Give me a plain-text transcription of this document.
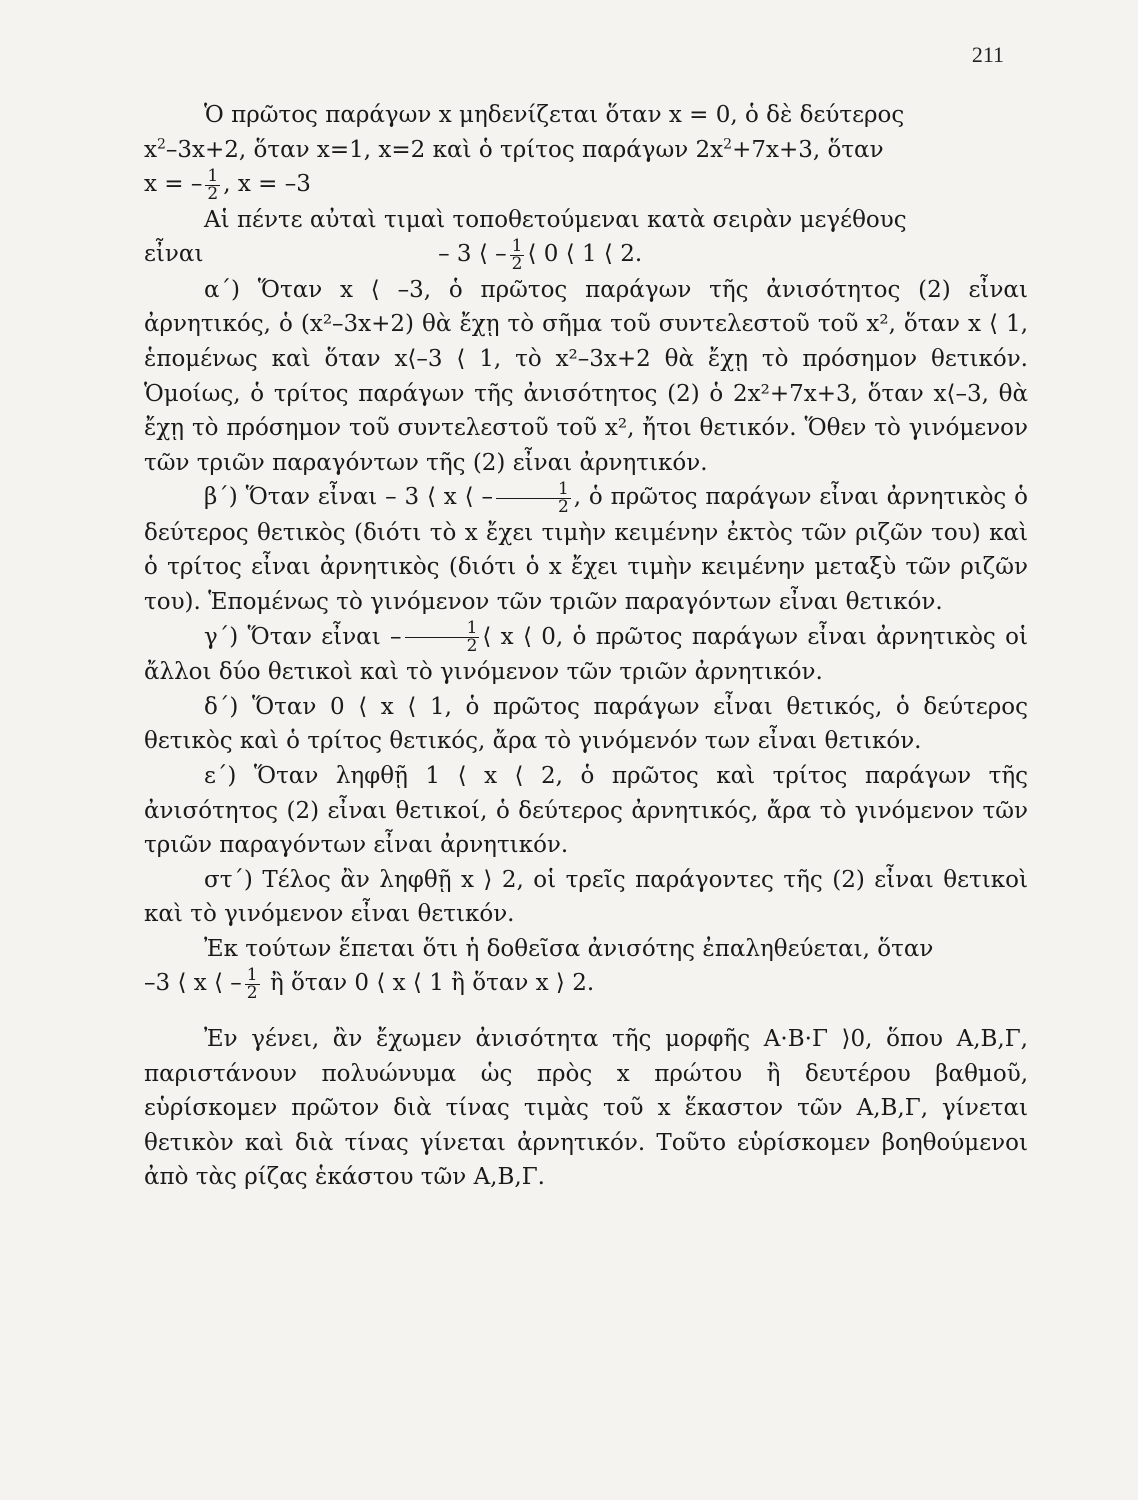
211

Ὁ πρῶτος παράγων x μηδενίζεται ὅταν x = 0, ὁ δὲ δεύτερος

$x^2-3x+2$, ὅταν x=1, x=2 καὶ ὁ τρίτος παράγων $2x^2+7x+3$, ὅταν

x = – $\frac{1}{2}$ , x = –3

Αἱ πέντε αὐταὶ τιμαὶ τοποθετούμεναι κατὰ σειρὰν μεγέθους

εἶναι	– 3 ⟨ – $\frac{1}{2}$ ⟨ 0 ⟨ 1 ⟨ 2.

α΄) Ὅταν x ⟨ –3, ὁ πρῶτος παράγων τῆς ἀνισότητος (2) εἶναι ἀρνητικός, ὁ (x²–3x+2) θὰ ἔχῃ τὸ σῆμα τοῦ συντελεστοῦ τοῦ x², ὅταν x ⟨ 1, ἑπομένως καὶ ὅταν x⟨–3 ⟨ 1, τὸ x²–3x+2 θὰ ἔχῃ τὸ πρόσημον θετικόν. Ὁμοίως, ὁ τρίτος παράγων τῆς ἀνισότητος (2) ὁ 2x²+7x+3, ὅταν x⟨–3, θὰ ἔχῃ τὸ πρόσημον τοῦ συντελεστοῦ τοῦ x², ἤτοι θετικόν. Ὅθεν τὸ γινόμενον τῶν τριῶν παραγόντων τῆς (2) εἶναι ἀρνητικόν.

β΄) Ὅταν εἶναι – 3 ⟨ x ⟨ – $\frac{1}{2}$ , ὁ πρῶτος παράγων εἶναι ἀρνητικὸς ὁ δεύτερος θετικὸς (διότι τὸ x ἔχει τιμὴν κειμένην ἐκτὸς τῶν ριζῶν του) καὶ ὁ τρίτος εἶναι ἀρνητικὸς (διότι ὁ x ἔχει τιμὴν κειμένην μεταξὺ τῶν ριζῶν του). Ἑπομένως τὸ γινόμενον τῶν τριῶν παραγόντων εἶναι θετικόν.

γ΄) Ὅταν εἶναι – $\frac{1}{2}$ ⟨ x ⟨ 0, ὁ πρῶτος παράγων εἶναι ἀρνητικὸς οἱ ἄλλοι δύο θετικοὶ καὶ τὸ γινόμενον τῶν τριῶν ἀρνητικόν.

δ΄) Ὅταν 0 ⟨ x ⟨ 1, ὁ πρῶτος παράγων εἶναι θετικός, ὁ δεύτερος θετικὸς καὶ ὁ τρίτος θετικός, ἄρα τὸ γινόμενόν των εἶναι θετικόν.

ε΄) Ὅταν ληφθῇ 1 ⟨ x ⟨ 2, ὁ πρῶτος καὶ τρίτος παράγων τῆς ἀνισότητος (2) εἶναι θετικοί, ὁ δεύτερος ἀρνητικός, ἄρα τὸ γινόμενον τῶν τριῶν παραγόντων εἶναι ἀρνητικόν.

στ΄) Τέλος ἂν ληφθῇ x ⟩ 2, οἱ τρεῖς παράγοντες τῆς (2) εἶναι θετικοὶ καὶ τὸ γινόμενον εἶναι θετικόν.

Ἐκ τούτων ἕπεται ὅτι ἡ δοθεῖσα ἀνισότης ἐπαληθεύεται, ὅταν

–3 ⟨ x ⟨ – $\frac{1}{2}$ ἢ ὅταν 0 ⟨ x ⟨ 1 ἢ ὅταν x ⟩ 2.

Ἐν γένει, ἂν ἔχωμεν ἀνισότητα τῆς μορφῆς Α·Β·Γ ⟩0, ὅπου Α,Β,Γ, παριστάνουν πολυώνυμα ὡς πρὸς x πρώτου ἢ δευτέρου βαθμοῦ, εὑρίσκομεν πρῶτον διὰ τίνας τιμὰς τοῦ x ἕκαστον τῶν Α,Β,Γ, γίνεται θετικὸν καὶ διὰ τίνας γίνεται ἀρνητικόν. Τοῦτο εὑρίσκομεν βοηθούμενοι ἀπὸ τὰς ρίζας ἑκάστου τῶν Α,Β,Γ.
